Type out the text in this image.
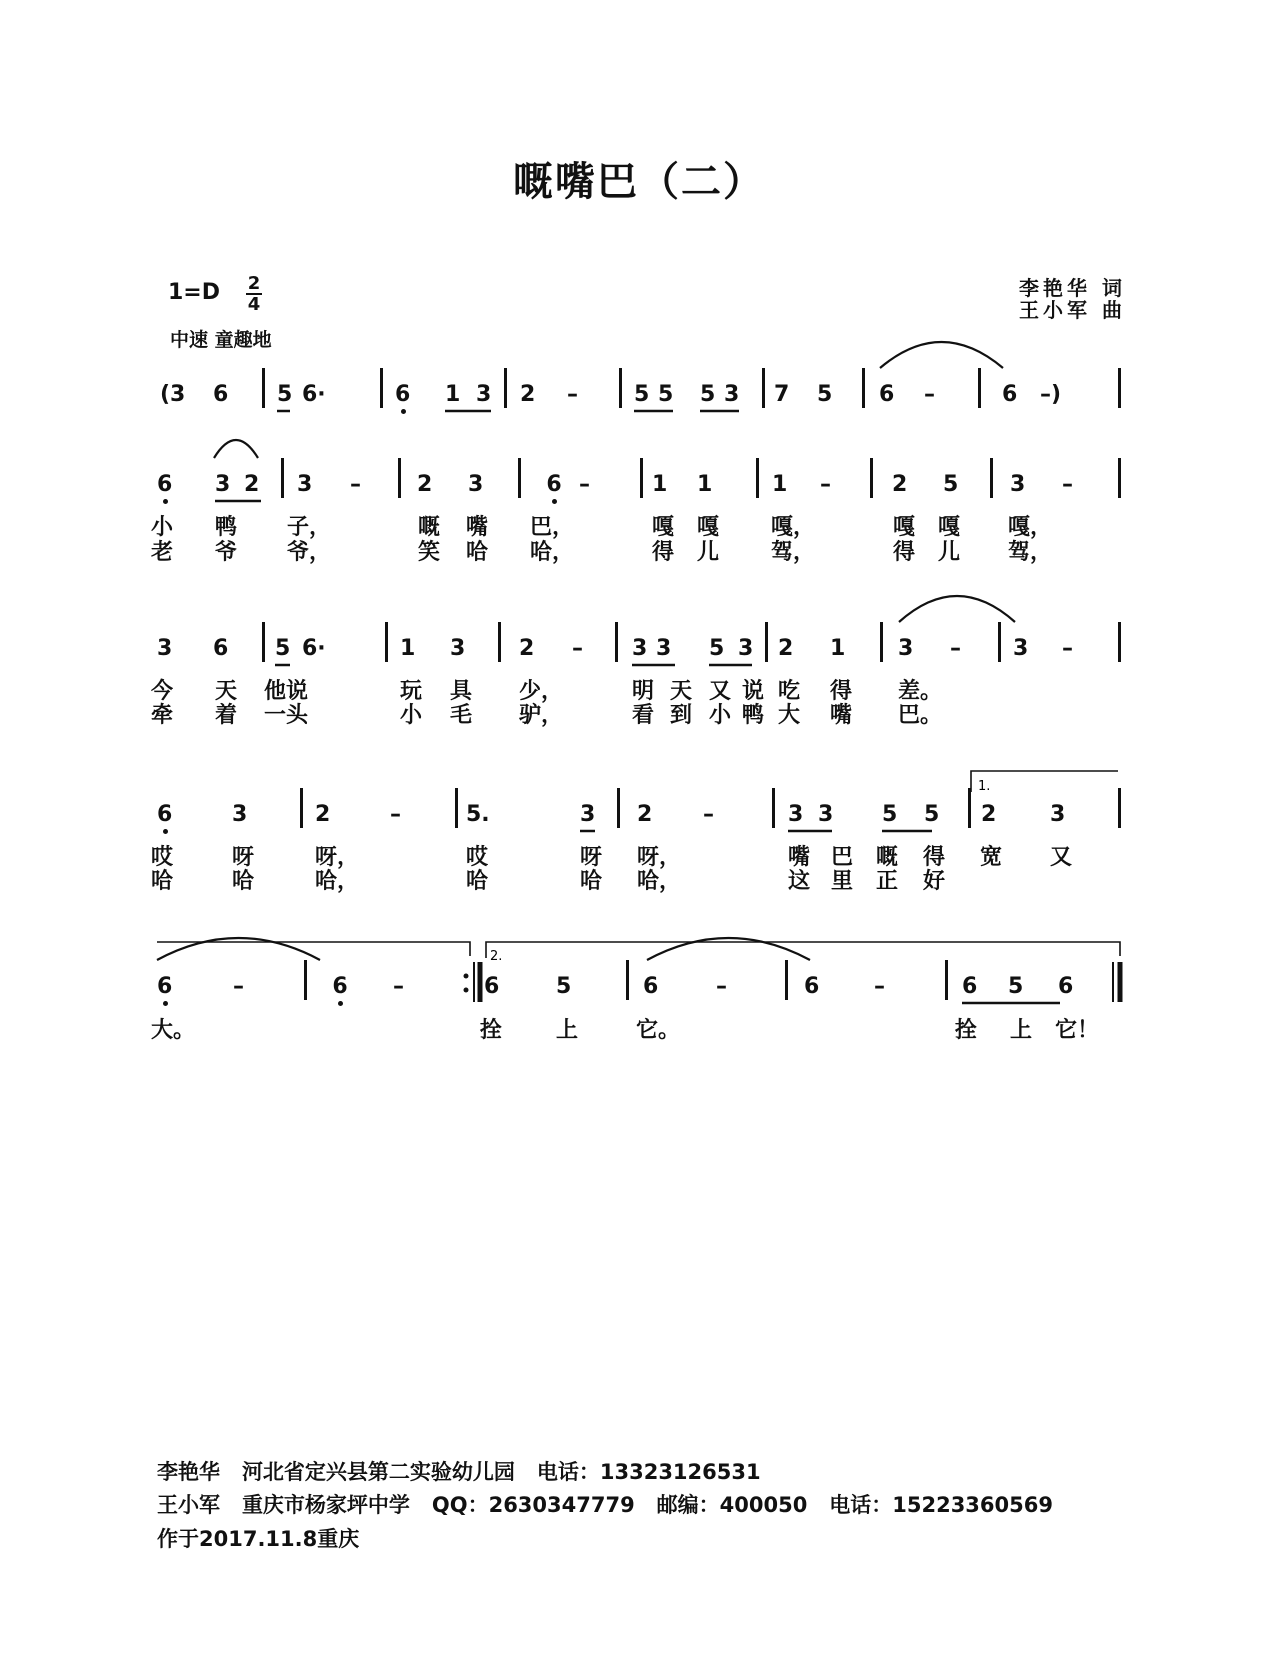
嘅嘴巴（二）
1=D 2
4
中速 童趣地
李艳华 词
王小军 曲
(3 6 5 6·	6 1 3 2 –	5 5 5 3 7 5 6 –	6 –)
6 3 2 3 –	2 3	6 –	1 1	1 –	2 5 3 –
小 鸭 子，	嘅 嘴 巴，	嘎 嘎 嘎，	嘎 嘎 嘎，
老 爷 爷，	笑 哈 哈，	得 儿 驾，	得 儿 驾，
3 6 5 6·	1 3 2 – 3 3 5 3 2 1 3 – 3 –
今 天 他说	玩 具 少，	明 天 又 说 吃 得 差。
牵 着 一头	小 毛 驴，	看 到 小 鸭 大 嘴 巴。
6	3	2	–	5.	3 2 –	3 3 5 5 2 3
哎	呀	呀，	哎	呀 呀，	嘴 巴 嘅 得 宽 又
哈	哈	哈，	哈	哈 哈，	这 里 正 好
6	–	6 –	6	5	6	–	6 –	6 5 6
大。	拴 上	它。	拴 上 它！
李艳华 河北省定兴县第二实验幼儿园 电话：13323126531
王小军 重庆市杨家坪中学 QQ：2630347779 邮编：400050 电话：15223360569
作于2017.11.8重庆
1.
2.
